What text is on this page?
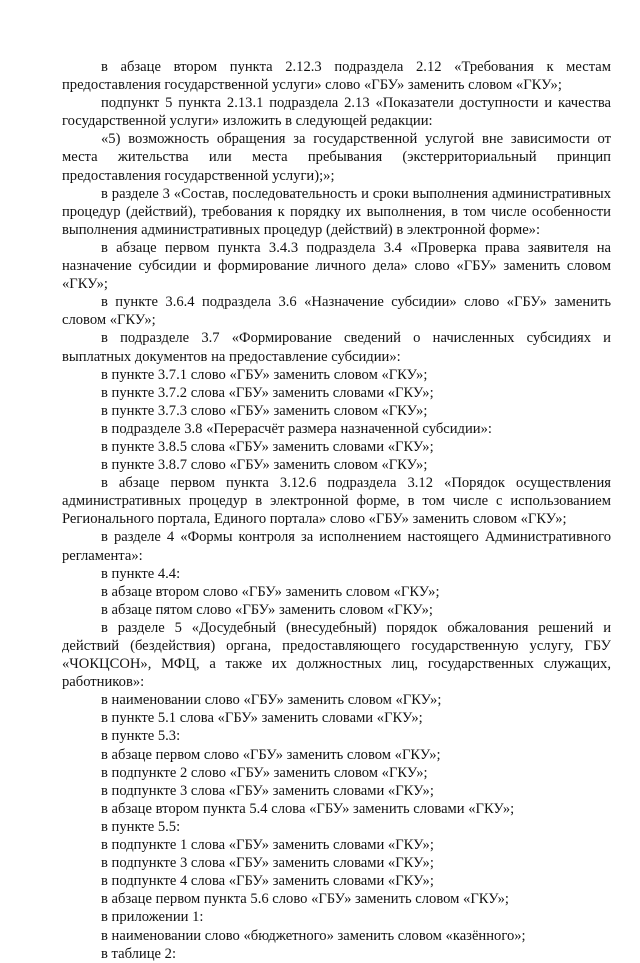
в абзаце втором пункта 2.12.3 подраздела 2.12 «Требования к местам предоставления государственной услуги» слово «ГБУ» заменить словом «ГКУ»;

подпункт 5 пункта 2.13.1 подраздела 2.13 «Показатели доступности и качества государственной услуги» изложить в следующей редакции:

«5) возможность обращения за государственной услугой вне зависимости от места жительства или места пребывания (экстерриториальный принцип предоставления государственной услуги);»;

в разделе 3 «Состав, последовательность и сроки выполнения административных процедур (действий), требования к порядку их выполнения, в том числе особенности выполнения административных процедур (действий) в электронной форме»:

в абзаце первом пункта 3.4.3 подраздела 3.4 «Проверка права заявителя на назначение субсидии и формирование личного дела» слово «ГБУ» заменить словом «ГКУ»;

в пункте 3.6.4 подраздела 3.6 «Назначение субсидии» слово «ГБУ» заменить словом «ГКУ»;

в подразделе 3.7 «Формирование сведений о начисленных субсидиях и выплатных документов на предоставление субсидии»:

в пункте 3.7.1 слово «ГБУ» заменить словом «ГКУ»;

в пункте 3.7.2 слова «ГБУ» заменить словами «ГКУ»;

в пункте 3.7.3 слово «ГБУ» заменить словом «ГКУ»;

в подразделе 3.8 «Перерасчёт размера назначенной субсидии»:

в пункте 3.8.5 слова «ГБУ» заменить словами «ГКУ»;

в пункте 3.8.7 слово «ГБУ» заменить словом «ГКУ»;

в абзаце первом пункта 3.12.6 подраздела 3.12 «Порядок осуществления административных процедур в электронной форме, в том числе с использованием Регионального портала, Единого портала» слово «ГБУ» заменить словом «ГКУ»;

в разделе 4 «Формы контроля за исполнением настоящего Административного регламента»:

в пункте 4.4:

в абзаце втором слово «ГБУ» заменить словом «ГКУ»;

в абзаце пятом слово «ГБУ» заменить словом «ГКУ»;

в разделе 5 «Досудебный (внесудебный) порядок обжалования решений и действий (бездействия) органа, предоставляющего государственную услугу, ГБУ «ЧОКЦСОН», МФЦ, а также их должностных лиц, государственных служащих, работников»:

в наименовании слово «ГБУ» заменить словом «ГКУ»;

в пункте 5.1 слова «ГБУ» заменить словами «ГКУ»;

в пункте 5.3:

в абзаце первом слово «ГБУ» заменить словом «ГКУ»;

в подпункте 2 слово «ГБУ» заменить словом «ГКУ»;

в подпункте 3 слова «ГБУ» заменить словами «ГКУ»;

в абзаце втором пункта 5.4 слова «ГБУ» заменить словами «ГКУ»;

в пункте 5.5:

в подпункте 1 слова «ГБУ» заменить словами «ГКУ»;

в подпункте 3 слова «ГБУ» заменить словами «ГКУ»;

в подпункте 4 слова «ГБУ» заменить словами «ГКУ»;

в абзаце первом пункта 5.6 слово «ГБУ» заменить словом «ГКУ»;

в приложении 1:

в наименовании слово «бюджетного» заменить словом «казённого»;

в таблице 2:
